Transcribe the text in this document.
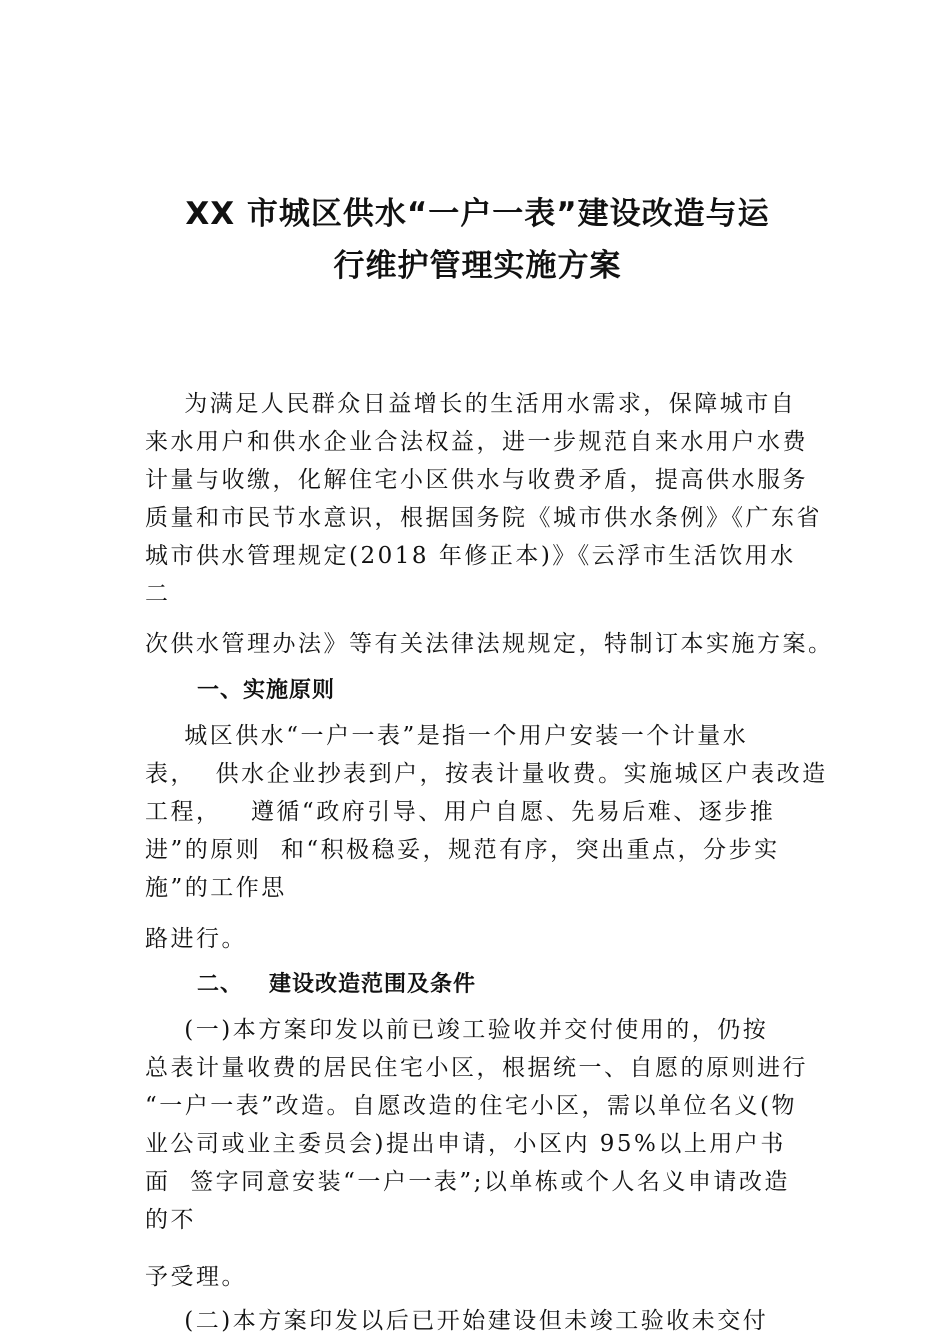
XX 市城区供水“一户一表”建设改造与运
行维护管理实施方案

为满足人民群众日益增长的生活用水需求，保障城市自

来水用户和供水企业合法权益，进一步规范自来水用户水费

计量与收缴，化解住宅小区供水与收费矛盾，提高供水服务

质量和市民节水意识，根据国务院《城市供水条例》《广东省

城市供水管理规定(2018 年修正本)》《云浮市生活饮用水

二

次供水管理办法》等有关法律法规规定，特制订本实施方案。

一、实施原则

城区供水“一户一表”是指一个用户安装一个计量水

表，  供水企业抄表到户，按表计量收费。实施城区户表改造

工程，   遵循“政府引导、用户自愿、先易后难、逐步推

进”的原则  和“积极稳妥，规范有序，突出重点，分步实

施”的工作思

路进行。

二、   建设改造范围及条件

(一)本方案印发以前已竣工验收并交付使用的，仍按

总表计量收费的居民住宅小区，根据统一、自愿的原则进行

“一户一表”改造。自愿改造的住宅小区，需以单位名义(物

业公司或业主委员会)提出申请，小区内 95%以上用户书

面  签字同意安装“一户一表”;以单栋或个人名义申请改造

的不

予受理。

(二)本方案印发以后已开始建设但未竣工验收未交付
